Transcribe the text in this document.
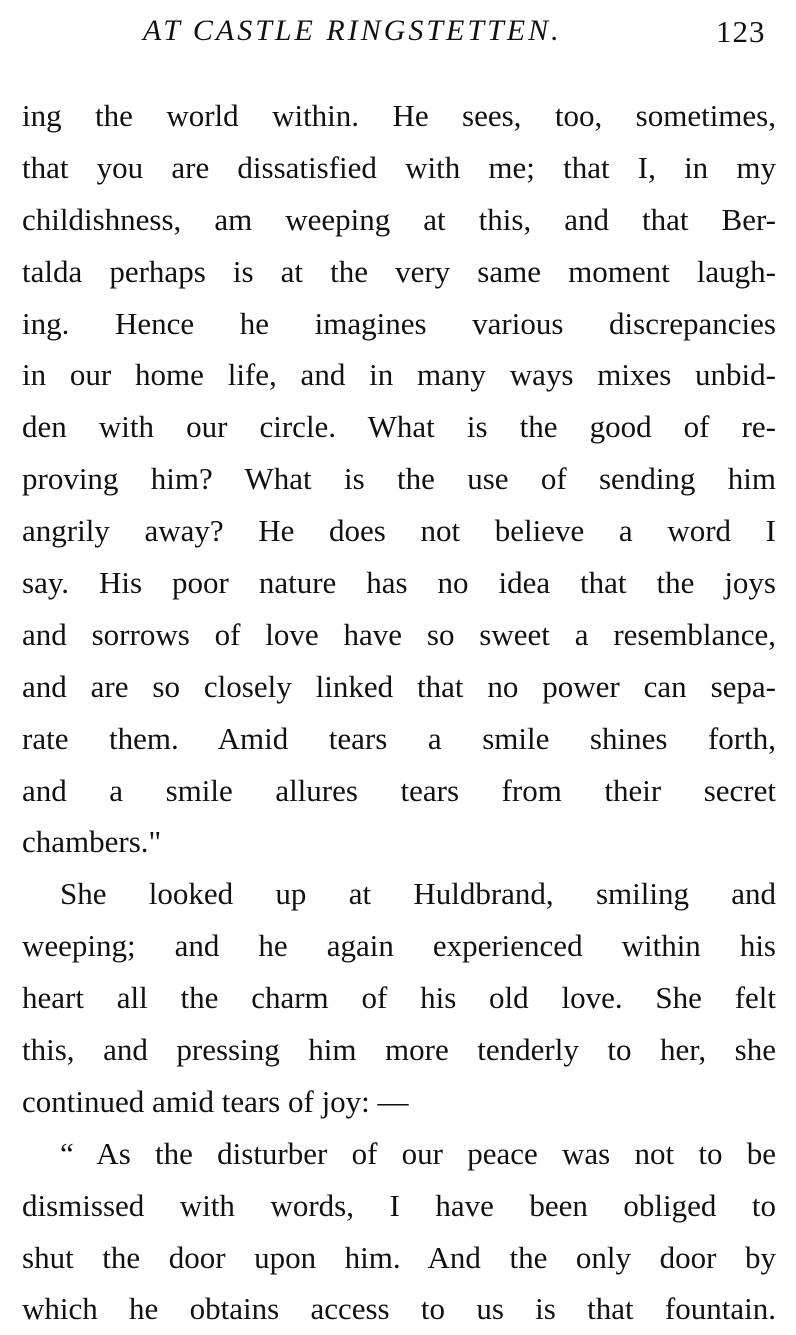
AT CASTLE RINGSTETTEN.	123
ing the world within. He sees, too, sometimes,
that you are dissatisfied with me; that I, in my
childishness, am weeping at this, and that Ber-
talda perhaps is at the very same moment laugh-
ing. Hence he imagines various discrepancies
in our home life, and in many ways mixes unbid-
den with our circle. What is the good of re-
proving him? What is the use of sending him
angrily away? He does not believe a word I
say. His poor nature has no idea that the joys
and sorrows of love have so sweet a resemblance,
and are so closely linked that no power can sepa-
rate them. Amid tears a smile shines forth,
and a smile allures tears from their secret
chambers."
She looked up at Huldbrand, smiling and
weeping; and he again experienced within his
heart all the charm of his old love. She felt
this, and pressing him more tenderly to her, she
continued amid tears of joy: —
“ As the disturber of our peace was not to be
dismissed with words, I have been obliged to
shut the door upon him. And the only door by
which he obtains access to us is that fountain.
